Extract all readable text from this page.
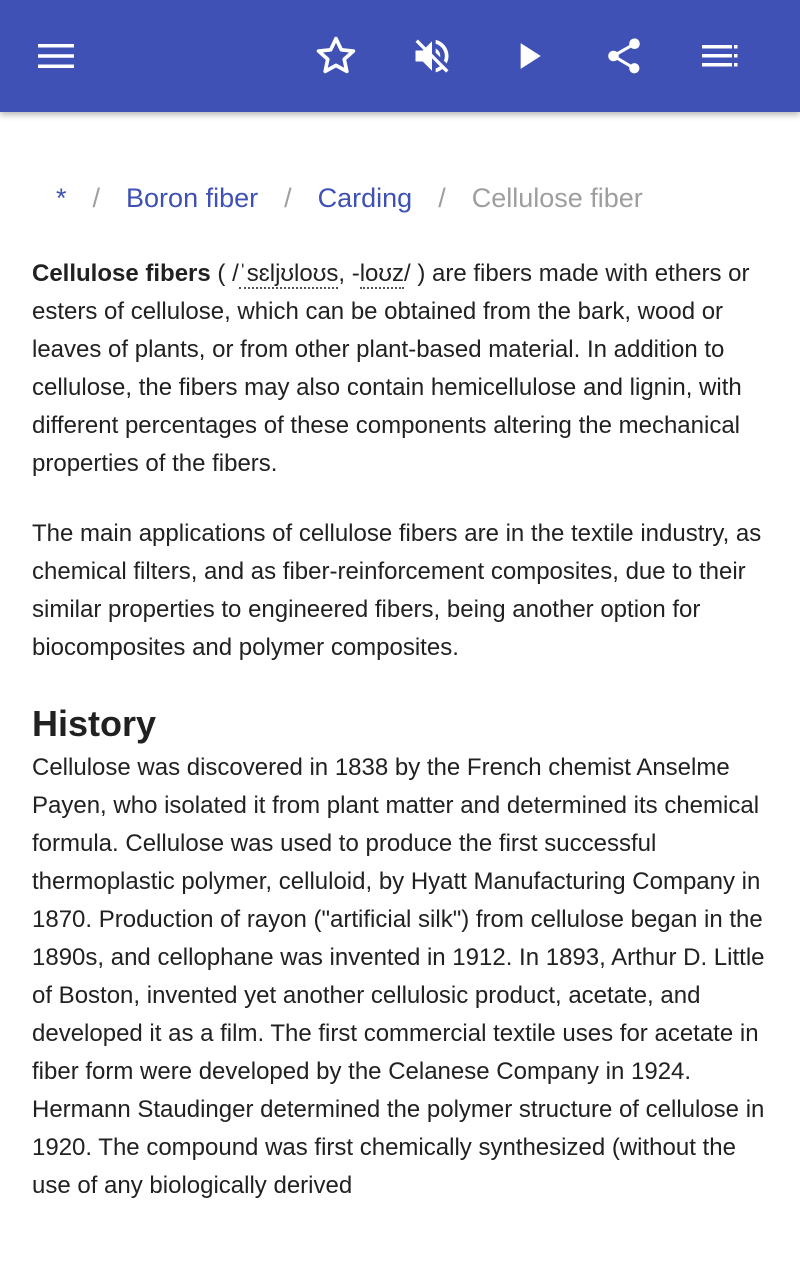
* / Boron fiber / Carding / Cellulose fiber

Cellulose fibers ( /ˈsɛljʊloʊs, -loʊz/ ) are fibers made with ethers or esters of cellulose, which can be obtained from the bark, wood or leaves of plants, or from other plant-based material. In addition to cellulose, the fibers may also contain hemicellulose and lignin, with different percentages of these components altering the mechanical properties of the fibers.

The main applications of cellulose fibers are in the textile industry, as chemical filters, and as fiber-reinforcement composites, due to their similar properties to engineered fibers, being another option for biocomposites and polymer composites.

History

Cellulose was discovered in 1838 by the French chemist Anselme Payen, who isolated it from plant matter and determined its chemical formula. Cellulose was used to produce the first successful thermoplastic polymer, celluloid, by Hyatt Manufacturing Company in 1870. Production of rayon ("artificial silk") from cellulose began in the 1890s, and cellophane was invented in 1912. In 1893, Arthur D. Little of Boston, invented yet another cellulosic product, acetate, and developed it as a film. The first commercial textile uses for acetate in fiber form were developed by the Celanese Company in 1924. Hermann Staudinger determined the polymer structure of cellulose in 1920. The compound was first chemically synthesized (without the use of any biologically derived
